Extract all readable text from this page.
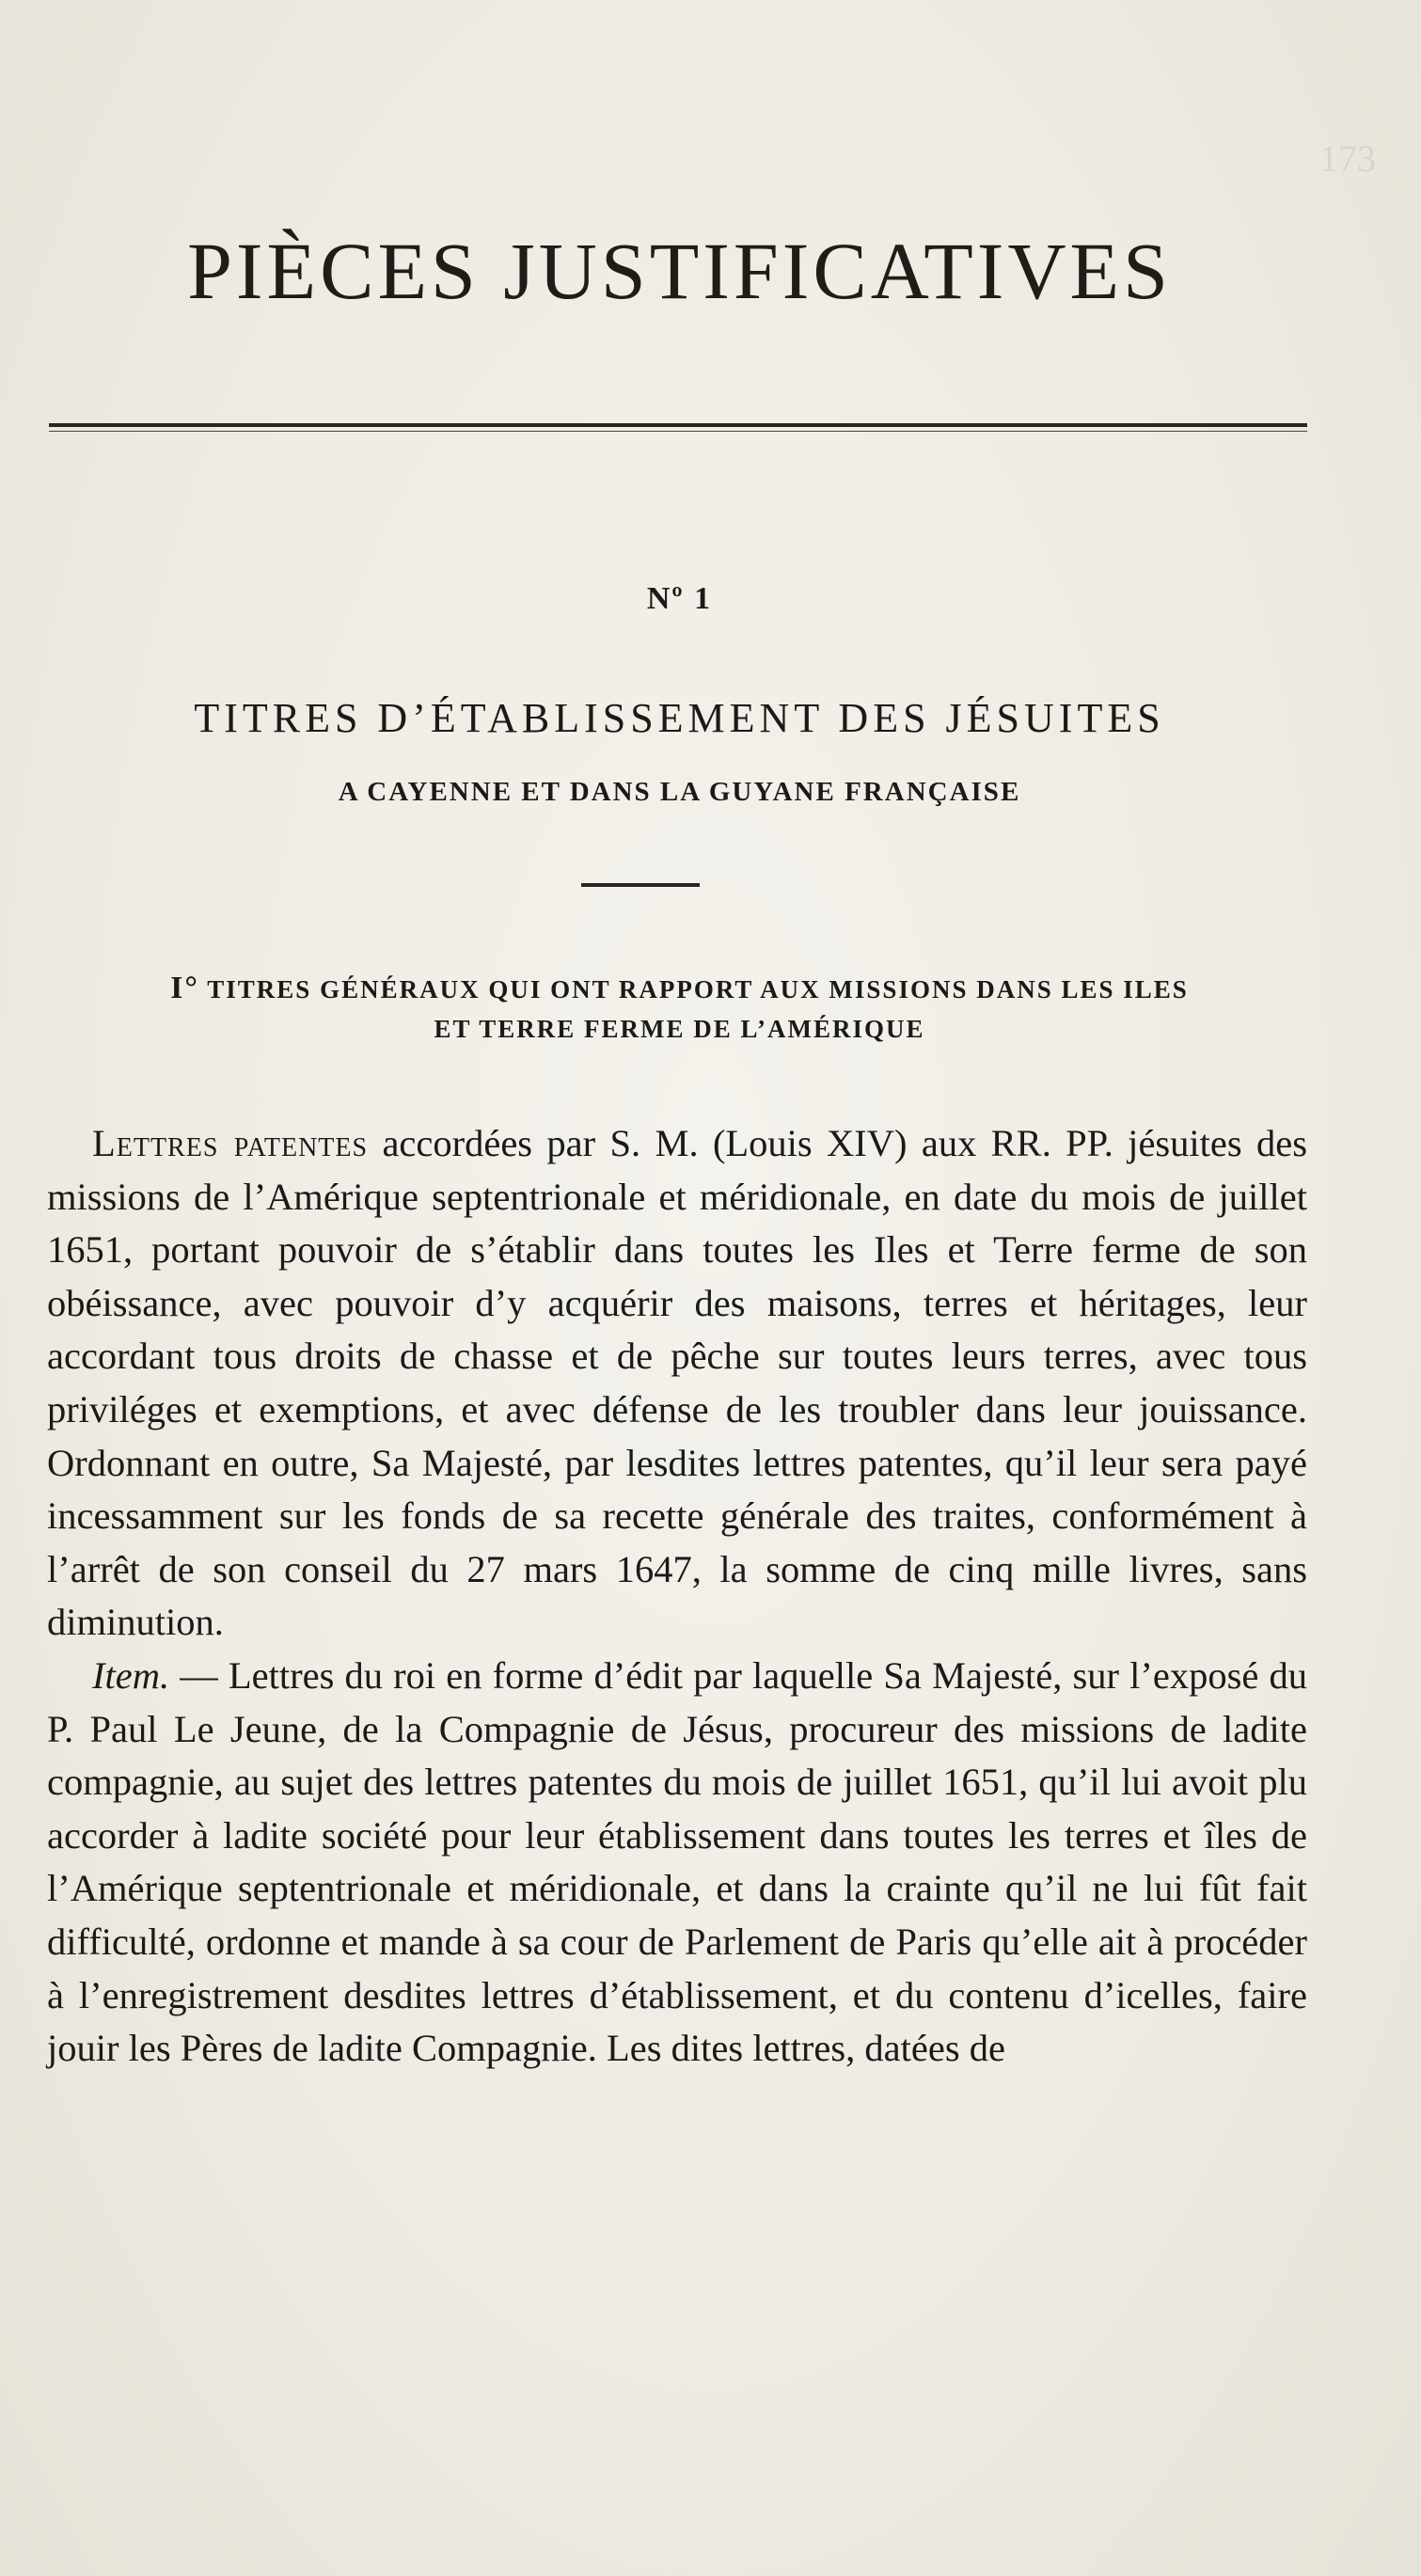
173
PIÈCES JUSTIFICATIVES
Nº 1
TITRES D’ÉTABLISSEMENT DES JÉSUITES
A CAYENNE ET DANS LA GUYANE FRANÇAISE
I° TITRES GÉNÉRAUX QUI ONT RAPPORT AUX MISSIONS DANS LES ILES
ET TERRE FERME DE L’AMÉRIQUE

Lettres patentes accordées par S. M. (Louis XIV) aux RR. PP. jésuites des missions de l’Amérique septentrionale et méridionale, en date du mois de juillet 1651, portant pouvoir de s’établir dans toutes les Iles et Terre ferme de son obéissance, avec pouvoir d’y acquérir des maisons, terres et héritages, leur accordant tous droits de chasse et de pêche sur toutes leurs terres, avec tous priviléges et exemptions, et avec défense de les troubler dans leur jouissance. Ordonnant en outre, Sa Majesté, par lesdites lettres patentes, qu’il leur sera payé incessamment sur les fonds de sa recette générale des traites, conformément à l’arrêt de son conseil du 27 mars 1647, la somme de cinq mille livres, sans diminution.

Item. — Lettres du roi en forme d’édit par laquelle Sa Majesté, sur l’exposé du P. Paul Le Jeune, de la Compagnie de Jésus, procureur des missions de ladite compagnie, au sujet des lettres patentes du mois de juillet 1651, qu’il lui avoit plu accorder à ladite société pour leur établissement dans toutes les terres et îles de l’Amérique septentrionale et méridionale, et dans la crainte qu’il ne lui fût fait difficulté, ordonne et mande à sa cour de Parlement de Paris qu’elle ait à procéder à l’enregistrement desdites lettres d’établissement, et du contenu d’icelles, faire jouir les Pères de ladite Compagnie. Les dites lettres, datées de
